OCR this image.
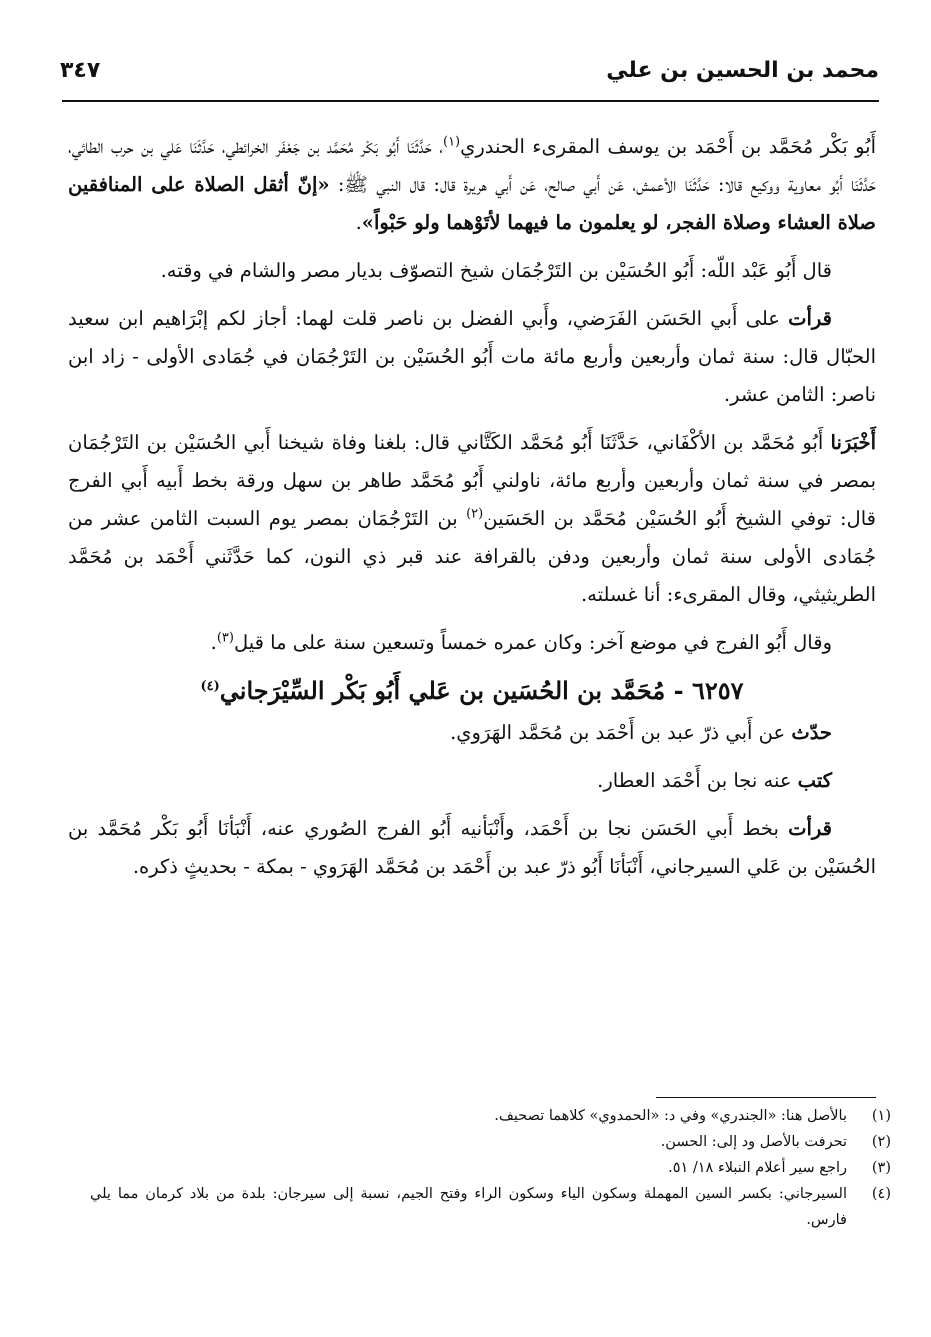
محمد بن الحسين بن علي
٣٤٧

أَبُو بَكْر مُحَمَّد بن أَحْمَد بن يوسف المقرىء الحندري$^{(١)}$، حَدَّثَنَا أَبُو بَكْر مُحَمَّد بن جَعْفَر الخرائطي، حَدَّثَنَا عَلي بن حرب الطائي، حَدَّثَنَا أَبُو معاوية ووكيع قالا: حَدَّثَنَا الأعمش، عَن أَبي صالح، عَن أَبي هريرة قال: قال النبي ﷺ: «إنّ أثقل الصلاة على المنافقين صلاة العشاء وصلاة الفجر، لو يعلمون ما فيهما لأتَوْهما ولو حَبْواً».

قال أَبُو عَبْد اللّه: أَبُو الحُسَيْن بن التَرْجُمَان شيخ التصوّف بديار مصر والشام في وقته.

قرأت على أَبي الحَسَن الفَرَضي، وأَبي الفضل بن ناصر قلت لهما: أجاز لكم إبْرَاهيم ابن سعيد الحبّال قال: سنة ثمان وأربعين وأربع مائة مات أَبُو الحُسَيْن بن التَرْجُمَان في جُمَادى الأولى - زاد ابن ناصر: الثامن عشر.

أَخْبَرَنا أَبُو مُحَمَّد بن الأكْفَاني، حَدَّثَنَا أَبُو مُحَمَّد الكَتَّاني قال: بلغنا وفاة شيخنا أَبي الحُسَيْن بن التَرْجُمَان بمصر في سنة ثمان وأربعين وأربع مائة، ناولني أَبُو مُحَمَّد طاهر بن سهل ورقة بخط أَبيه أَبي الفرج قال: توفي الشيخ أَبُو الحُسَيْن مُحَمَّد بن الحَسَين$^{(٢)}$ بن التَرْجُمَان بمصر يوم السبت الثامن عشر من جُمَادى الأولى سنة ثمان وأربعين ودفن بالقرافة عند قبر ذي النون، كما حَدَّثَني أَحْمَد بن مُحَمَّد الطريثيثي، وقال المقرىء: أنا غسلته.

وقال أَبُو الفرج في موضع آخر: وكان عمره خمساً وتسعين سنة على ما قيل$^{(٣)}$.

٦٢٥٧ - مُحَمَّد بن الحُسَين بن عَلي أَبُو بَكْر السِّيْرَجاني$^{(٤)}$

حدّث عن أَبي ذرّ عبد بن أَحْمَد بن مُحَمَّد الهَرَوي.

كتب عنه نجا بن أَحْمَد العطار.

قرأت بخط أَبي الحَسَن نجا بن أَحْمَد، وأَنْبَأنيه أَبُو الفرج الصُوري عنه، أَنْبَأنَا أَبُو بَكْر مُحَمَّد بن الحُسَيْن بن عَلي السيرجاني، أَنْبَأنَا أَبُو ذرّ عبد بن أَحْمَد بن مُحَمَّد الهَرَوي - بمكة - بحديثٍ ذكره.

(١)
بالأصل هنا: «الجندري» وفي د: «الحمدوي» كلاهما تصحيف.
(٢)
تحرفت بالأصل ود إلى: الحسن.
(٣)
راجع سير أعلام النبلاء ١٨/ ٥١.
(٤)
السيرجاني: بكسر السين المهملة وسكون الياء وسكون الراء وفتح الجيم، نسبة إلى سيرجان: بلدة من بلاد كرمان مما يلي فارس.
